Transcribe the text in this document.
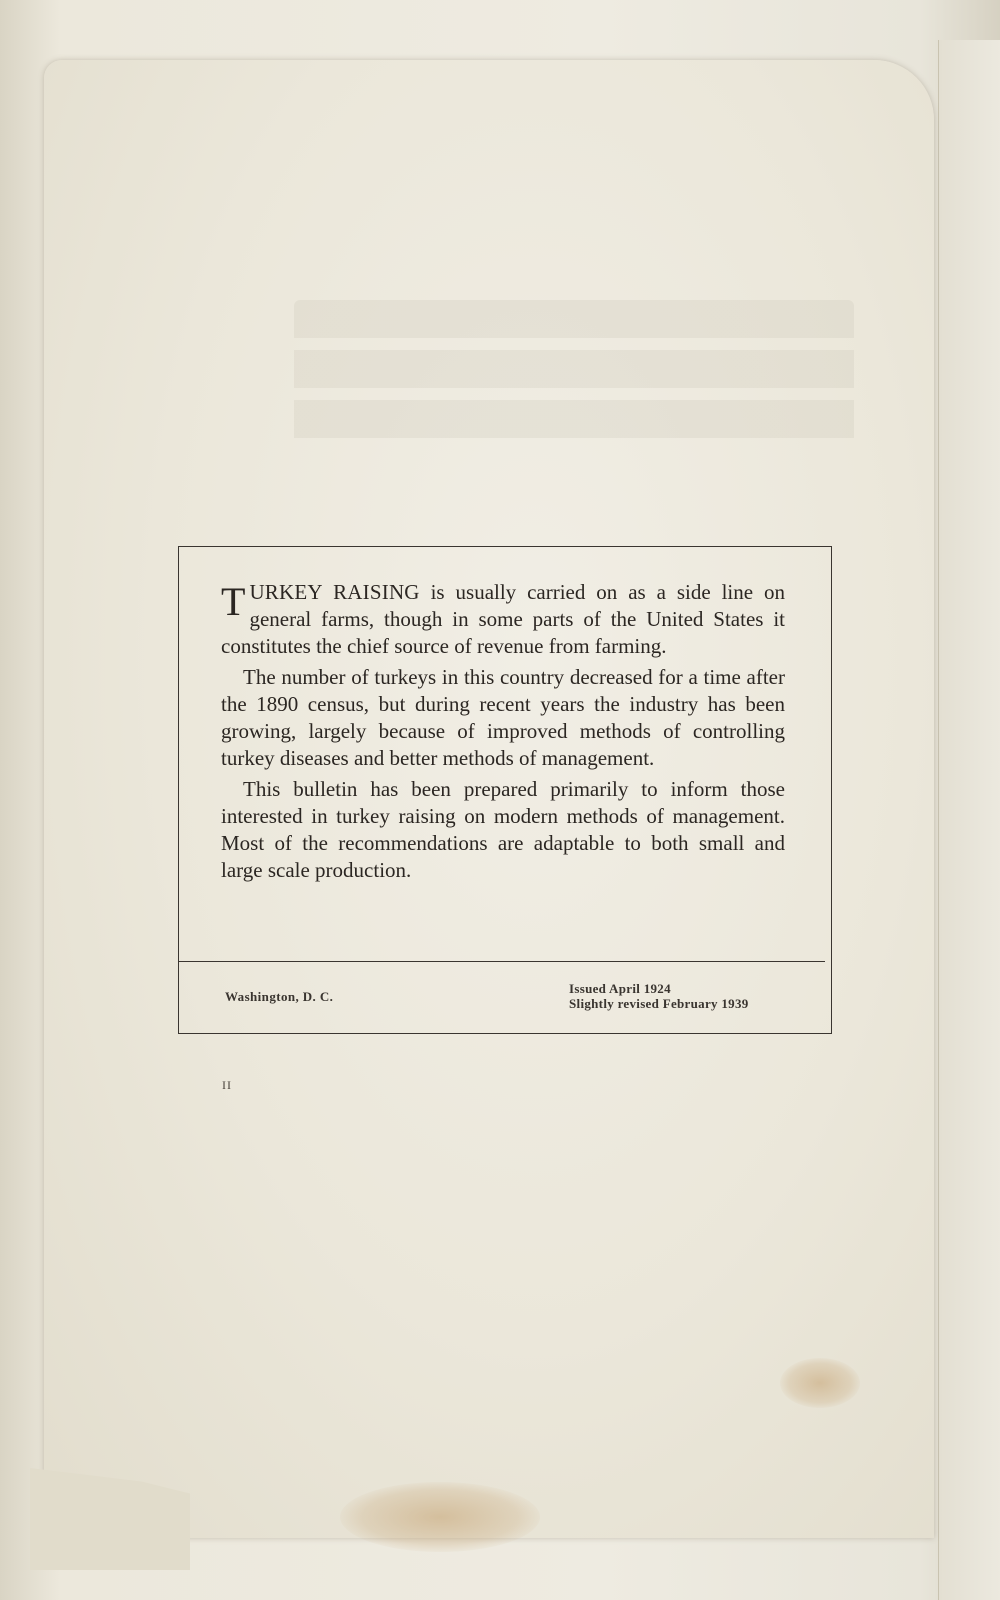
TURKEY RAISING is usually carried on as a side line on general farms, though in some parts of the United States it constitutes the chief source of revenue from farming.

The number of turkeys in this country decreased for a time after the 1890 census, but during recent years the industry has been growing, largely because of improved methods of controlling turkey diseases and better methods of management.

This bulletin has been prepared primarily to inform those interested in turkey raising on modern methods of management. Most of the recommendations are adaptable to both small and large scale production.

Washington, D. C.
Issued April 1924
Slightly revised February 1939
II
